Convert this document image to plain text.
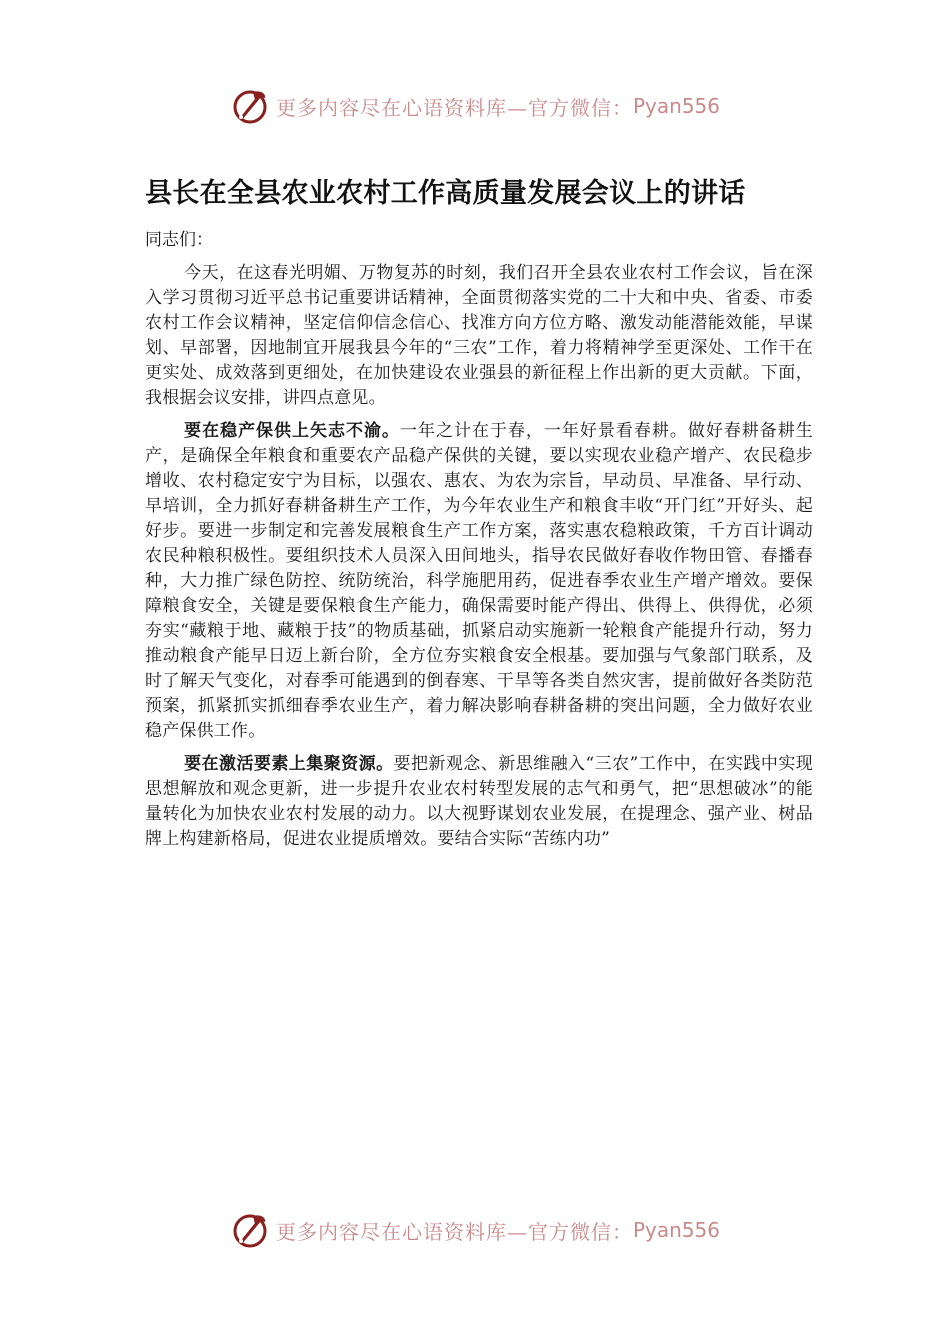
更多内容尽在心语资料库—官方微信： Pyan556
县长在全县农业农村工作高质量发展会议上的讲话

同志们：

今天，在这春光明媚、万物复苏的时刻，我们召开全县农业农村工作会议，旨在深入学习贯彻习近平总书记重要讲话精神，全面贯彻落实党的二十大和中央、省委、市委农村工作会议精神，坚定信仰信念信心、找准方向方位方略、激发动能潜能效能，早谋划、早部署，因地制宜开展我县今年的“三农”工作，着力将精神学至更深处、工作干在更实处、成效落到更细处，在加快建设农业强县的新征程上作出新的更大贡献。下面，我根据会议安排，讲四点意见。

要在稳产保供上矢志不渝。一年之计在于春，一年好景看春耕。做好春耕备耕生产，是确保全年粮食和重要农产品稳产保供的关键，要以实现农业稳产增产、农民稳步增收、农村稳定安宁为目标，以强农、惠农、为农为宗旨，早动员、早准备、早行动、早培训，全力抓好春耕备耕生产工作，为今年农业生产和粮食丰收“开门红”开好头、起好步。要进一步制定和完善发展粮食生产工作方案，落实惠农稳粮政策，千方百计调动农民种粮积极性。要组织技术人员深入田间地头，指导农民做好春收作物田管、春播春种，大力推广绿色防控、统防统治，科学施肥用药，促进春季农业生产增产增效。要保障粮食安全，关键是要保粮食生产能力，确保需要时能产得出、供得上、供得优，必须夯实“藏粮于地、藏粮于技”的物质基础，抓紧启动实施新一轮粮食产能提升行动，努力推动粮食产能早日迈上新台阶，全方位夯实粮食安全根基。要加强与气象部门联系，及时了解天气变化，对春季可能遇到的倒春寒、干旱等各类自然灾害，提前做好各类防范预案，抓紧抓实抓细春季农业生产，着力解决影响春耕备耕的突出问题，全力做好农业稳产保供工作。

要在激活要素上集聚资源。要把新观念、新思维融入“三农”工作中，在实践中实现思想解放和观念更新，进一步提升农业农村转型发展的志气和勇气，把“思想破冰”的能量转化为加快农业农村发展的动力。以大视野谋划农业发展，在提理念、强产业、树品牌上构建新格局，促进农业提质增效。要结合实际“苦练内功”

更多内容尽在心语资料库—官方微信： Pyan556
